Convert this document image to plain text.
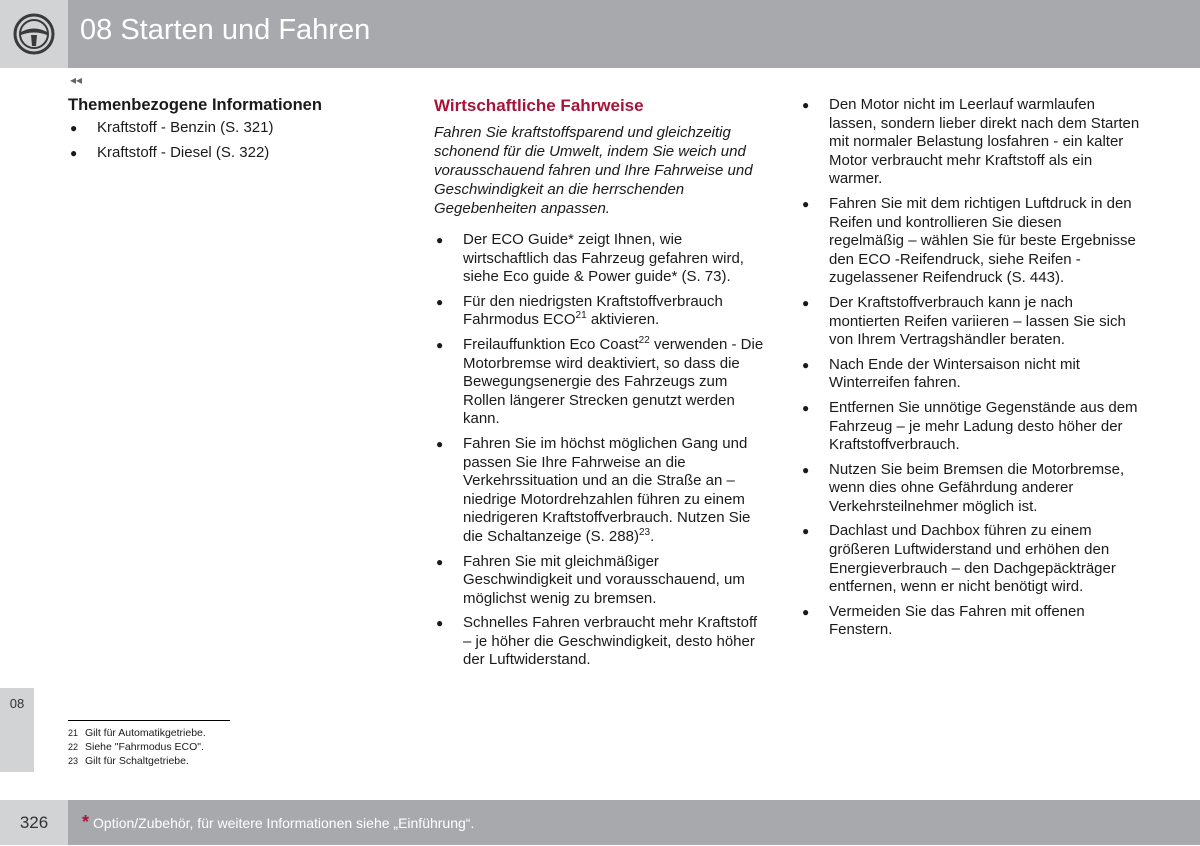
08 Starten und Fahren
◂◂
Themenbezogene Informationen
● Kraftstoff - Benzin (S. 321)
● Kraftstoff - Diesel (S. 322)
Wirtschaftliche Fahrweise
Fahren Sie kraftstoffsparend und gleichzeitig schonend für die Umwelt, indem Sie weich und vorausschauend fahren und Ihre Fahrweise und Geschwindigkeit an die herrschenden Gegebenheiten anpassen.
● Der ECO Guide* zeigt Ihnen, wie wirtschaftlich das Fahrzeug gefahren wird, siehe Eco guide & Power guide* (S. 73).
● Für den niedrigsten Kraftstoffverbrauch Fahrmodus ECO$^{21}$ aktivieren.
● Freilauffunktion Eco Coast$^{22}$ verwenden - Die Motorbremse wird deaktiviert, so dass die Bewegungsenergie des Fahrzeugs zum Rollen längerer Strecken genutzt werden kann.
● Fahren Sie im höchst möglichen Gang und passen Sie Ihre Fahrweise an die Verkehrssituation und an die Straße an – niedrige Motordrehzahlen führen zu einem niedrigeren Kraftstoffverbrauch. Nutzen Sie die Schaltanzeige (S. 288)$^{23}$.
● Fahren Sie mit gleichmäßiger Geschwindigkeit und vorausschauend, um möglichst wenig zu bremsen.
● Schnelles Fahren verbraucht mehr Kraftstoff – je höher die Geschwindigkeit, desto höher der Luftwiderstand.
● Den Motor nicht im Leerlauf warmlaufen lassen, sondern lieber direkt nach dem Starten mit normaler Belastung losfahren - ein kalter Motor verbraucht mehr Kraftstoff als ein warmer.
● Fahren Sie mit dem richtigen Luftdruck in den Reifen und kontrollieren Sie diesen regelmäßig – wählen Sie für beste Ergebnisse den ECO -Reifendruck, siehe Reifen - zugelassener Reifendruck (S. 443).
● Der Kraftstoffverbrauch kann je nach montierten Reifen variieren – lassen Sie sich von Ihrem Vertragshändler beraten.
● Nach Ende der Wintersaison nicht mit Winterreifen fahren.
● Entfernen Sie unnötige Gegenstände aus dem Fahrzeug – je mehr Ladung desto höher der Kraftstoffverbrauch.
● Nutzen Sie beim Bremsen die Motorbremse, wenn dies ohne Gefährdung anderer Verkehrsteilnehmer möglich ist.
● Dachlast und Dachbox führen zu einem größeren Luftwiderstand und erhöhen den Energieverbrauch – den Dachgepäckträger entfernen, wenn er nicht benötigt wird.
● Vermeiden Sie das Fahren mit offenen Fenstern.
08
21 Gilt für Automatikgetriebe.
22 Siehe "Fahrmodus ECO".
23 Gilt für Schaltgetriebe.
326	* Option/Zubehör, für weitere Informationen siehe „Einführung“.
